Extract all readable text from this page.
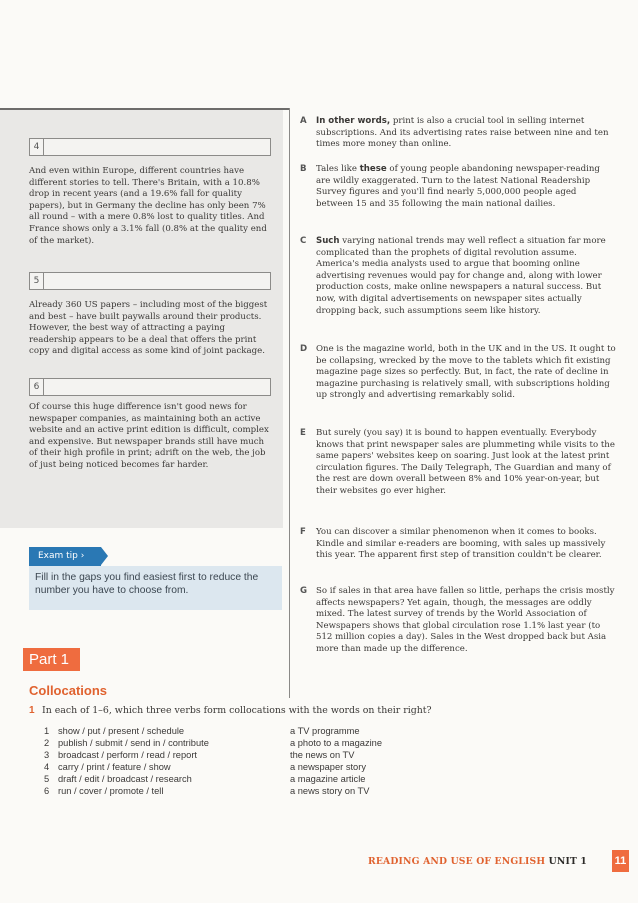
4

And even within Europe, different countries have different stories to tell. There's Britain, with a 10.8% drop in recent years (and a 19.6% fall for quality papers), but in Germany the decline has only been 7% all round – with a mere 0.8% lost to quality titles. And France shows only a 3.1% fall (0.8% at the quality end of the market).

5

Already 360 US papers – including most of the biggest and best – have built paywalls around their products. However, the best way of attracting a paying readership appears to be a deal that offers the print copy and digital access as some kind of joint package.

6

Of course this huge difference isn't good news for newspaper companies, as maintaining both an active website and an active print edition is difficult, complex and expensive. But newspaper brands still have much of their high profile in print; adrift on the web, the job of just being noticed becomes far harder.

A In other words, print is also a crucial tool in selling internet subscriptions. And its advertising rates raise between nine and ten times more money than online.

B Tales like these of young people abandoning newspaper-reading are wildly exaggerated. Turn to the latest National Readership Survey figures and you'll find nearly 5,000,000 people aged between 15 and 35 following the main national dailies.

C Such varying national trends may well reflect a situation far more complicated than the prophets of digital revolution assume. America's media analysts used to argue that booming online advertising revenues would pay for change and, along with lower production costs, make online newspapers a natural success. But now, with digital advertisements on newspaper sites actually dropping back, such assumptions seem like history.

D One is the magazine world, both in the UK and in the US. It ought to be collapsing, wrecked by the move to the tablets which fit existing magazine page sizes so perfectly. But, in fact, the rate of decline in magazine purchasing is relatively small, with subscriptions holding up strongly and advertising remarkably solid.

E But surely (you say) it is bound to happen eventually. Everybody knows that print newspaper sales are plummeting while visits to the same papers' websites keep on soaring. Just look at the latest print circulation figures. The Daily Telegraph, The Guardian and many of the rest are down overall between 8% and 10% year-on-year, but their websites go ever higher.

F You can discover a similar phenomenon when it comes to books. Kindle and similar e-readers are booming, with sales up massively this year. The apparent first step of transition couldn't be clearer.

G So if sales in that area have fallen so little, perhaps the crisis mostly affects newspapers? Yet again, though, the messages are oddly mixed. The latest survey of trends by the World Association of Newspapers shows that global circulation rose 1.1% last year (to 512 million copies a day). Sales in the West dropped back but Asia more than made up the difference.

Exam tip ›

Fill in the gaps you find easiest first to reduce the number you have to choose from.

Part 1
Collocations
1 In each of 1–6, which three verbs form collocations with the words on their right?

1 show / put / present / schedule	a TV programme
2 publish / submit / send in / contribute	a photo to a magazine
3 broadcast / perform / read / report	the news on TV
4 carry / print / feature / show	a newspaper story
5 draft / edit / broadcast / research	a magazine article
6 run / cover / promote / tell	a news story on TV
READING AND USE OF ENGLISH UNIT 1	11
